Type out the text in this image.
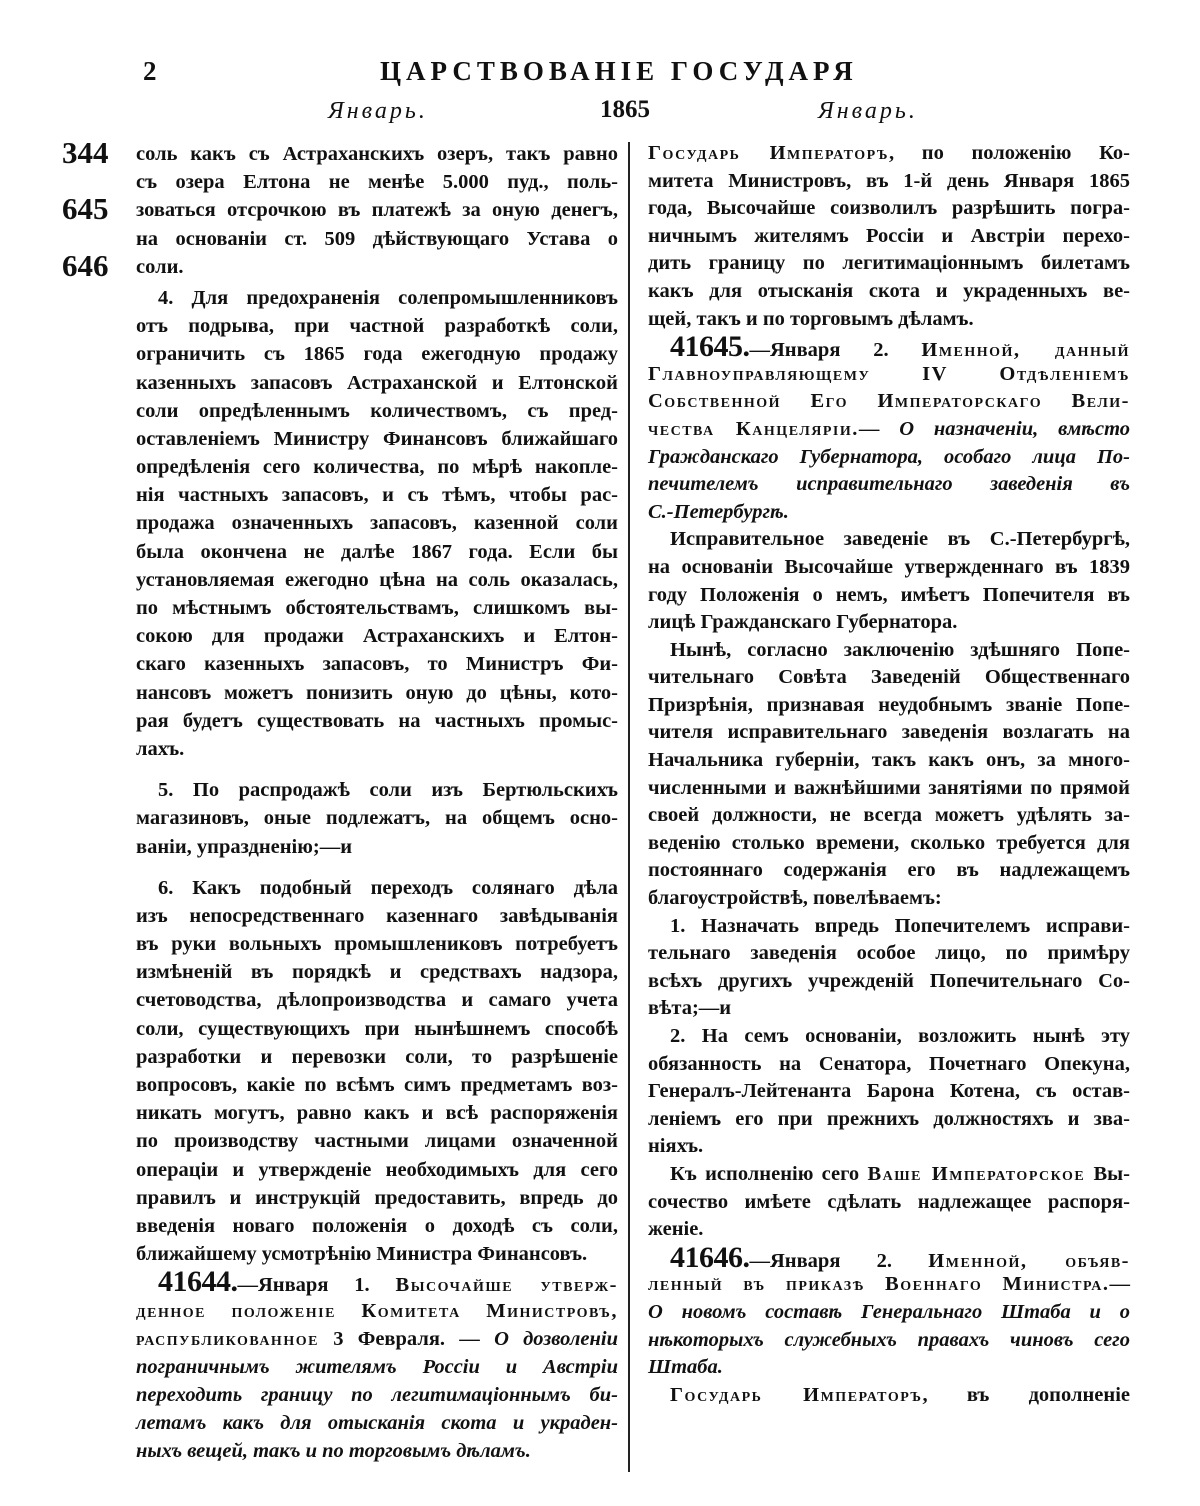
2	ЦАРСТВОВАНІЕ ГОСУДАРЯ
Январь.	1865	Январь.
344
645
646
соль какъ съ Астраханскихъ озеръ, такъ равно
съ озера Елтона не менѣе 5.000 пуд., поль-
зоваться отсрочкою въ платежѣ за оную денегъ,
на основаніи ст. 509 дѣйствующаго Устава о
соли.
4. Для предохраненія солепромышленниковъ
отъ подрыва, при частной разработкѣ соли,
ограничить съ 1865 года ежегодную продажу
казенныхъ запасовъ Астраханской и Елтонской
соли опредѣленнымъ количествомъ, съ пред-
оставленіемъ Министру Финансовъ ближайшаго
опредѣленія сего количества, по мѣрѣ накопле-
нія частныхъ запасовъ, и съ тѣмъ, чтобы рас-
продажа означенныхъ запасовъ, казенной соли
была окончена не далѣе 1867 года. Если бы
установляемая ежегодно цѣна на соль оказалась,
по мѣстнымъ обстоятельствамъ, слишкомъ вы-
сокою для продажи Астраханскихъ и Елтон-
скаго казенныхъ запасовъ, то Министръ Фи-
нансовъ можетъ понизить оную до цѣны, кото-
рая будетъ существовать на частныхъ промыс-
лахъ.
5. По распродажѣ соли изъ Бертюльскихъ
магазиновъ, оные подлежатъ, на общемъ осно-
ваніи, упраздненію;—и
6. Какъ подобный переходъ солянаго дѣла
изъ непосредственнаго казеннаго завѣдыванія
въ руки вольныхъ промышлениковъ потребуетъ
измѣненій въ порядкѣ и средствахъ надзора,
счетоводства, дѣлопроизводства и самаго учета
соли, существующихъ при нынѣшнемъ способѣ
разработки и перевозки соли, то разрѣшеніе
вопросовъ, какіе по всѣмъ симъ предметамъ воз-
никать могутъ, равно какъ и всѣ распоряженія
по производству частными лицами означенной
операціи и утвержденіе необходимыхъ для сего
правилъ и инструкцій предоставить, впредь до
введенія новаго положенія о доходѣ съ соли,
ближайшему усмотрѣнію Министра Финансовъ.
41644.—Января 1. Высочайше утверж-
денное положеніе Комитета Министровъ,
распубликованное 3 Февраля. — О дозволеніи
пограничнымъ жителямъ Россіи и Австріи
переходить границу по легитимаціоннымъ би-
летамъ какъ для отысканія скота и украден-
ныхъ вещей, такъ и по торговымъ дѣламъ.
Государь Императоръ, по положенію Ко-
митета Министровъ, въ 1-й день Января 1865
года, Высочайше соизволилъ разрѣшить погра-
ничнымъ жителямъ Россіи и Австріи перехо-
дить границу по легитимаціоннымъ билетамъ
какъ для отысканія скота и украденныхъ ве-
щей, такъ и по торговымъ дѣламъ.
41645.—Января 2. Именной, данный
Главноуправляющему IV Отдѣленіемъ
Собственной Его Императорскаго Вели-
чества Канцеляріи.— О назначеніи, вмѣсто
Гражданскаго Губернатора, особаго лица По-
печителемъ исправительнаго заведенія въ
С.-Петербургѣ.
Исправительное заведеніе въ С.-Петербургѣ,
на основаніи Высочайше утвержденнаго въ 1839
году Положенія о немъ, имѣетъ Попечителя въ
лицѣ Гражданскаго Губернатора.
Нынѣ, согласно заключенію здѣшняго Попе-
чительнаго Совѣта Заведеній Общественнаго
Призрѣнія, признавая неудобнымъ званіе Попе-
чителя исправительнаго заведенія возлагать на
Начальника губерніи, такъ какъ онъ, за много-
численными и важнѣйшими занятіями по прямой
своей должности, не всегда можетъ удѣлять за-
веденію столько времени, сколько требуется для
постояннаго содержанія его въ надлежащемъ
благоустройствѣ, повелѣваемъ:
1. Назначать впредь Попечителемъ исправи-
тельнаго заведенія особое лицо, по примѣру
всѣхъ другихъ учрежденій Попечительнаго Со-
вѣта;—и
2. На семъ основаніи, возложить нынѣ эту
обязанность на Сенатора, Почетнаго Опекуна,
Генералъ-Лейтенанта Барона Котена, съ остав-
леніемъ его при прежнихъ должностяхъ и зва-
ніяхъ.
Къ исполненію сего Ваше Императорское Вы-
сочество имѣете сдѣлать надлежащее распоря-
женіе.
41646.—Января 2. Именной, объяв-
ленный въ приказѣ Военнаго Министра.—
О новомъ составѣ Генеральнаго Штаба и о
нѣкоторыхъ служебныхъ правахъ чиновъ сего
Штаба.
Государь Императоръ, въ дополненіе
